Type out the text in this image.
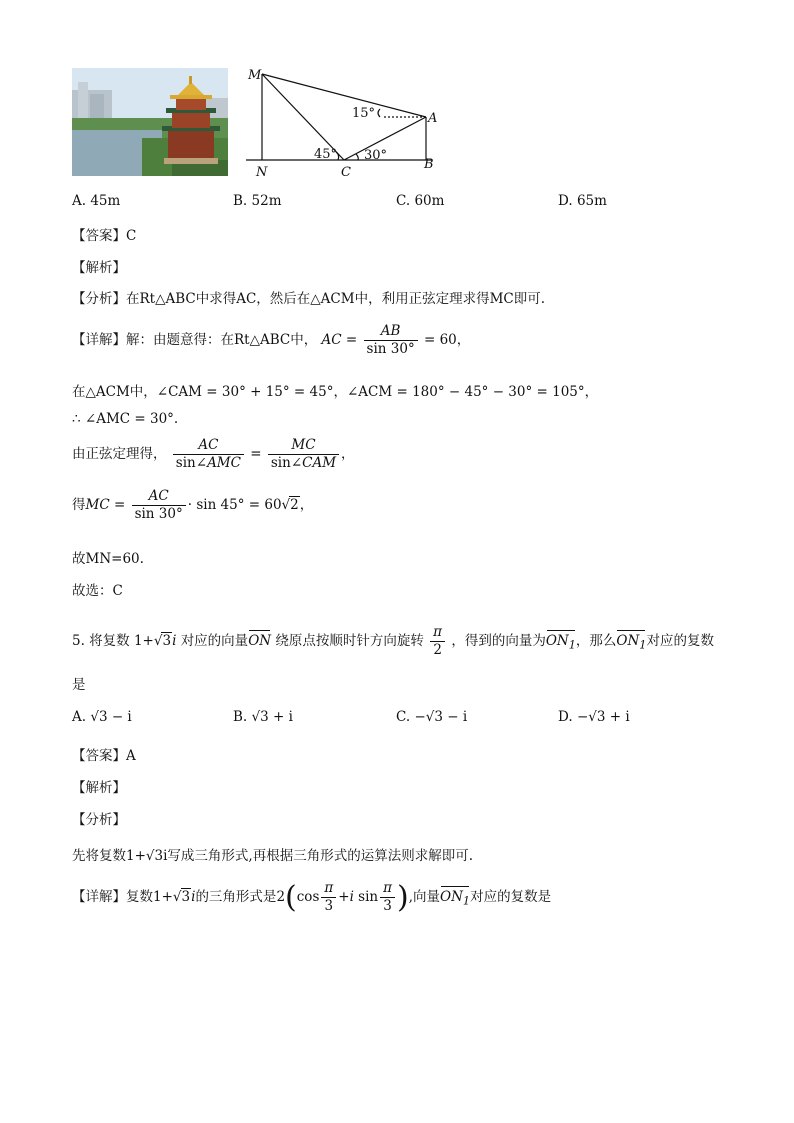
M
A
B
C
N
15°
45° 30°
A. 45m	B. 52m	C. 60m	D. 65m
【答案】C
【解析】
【分析】在Rt△ABC中求得AC，然后在△ACM中，利用正弦定理求得MC即可.
【详解】解：由题意得：在Rt△ABC中， AC = $\frac{AB}{\sin 30^\circ} = 60$，
在△ACM中，∠CAM = 30° + 15° = 45°，∠ACM = 180° − 45° − 30° = 105°，
∴ ∠AMC = 30°.
由正弦定理得， $\frac{AC}{\text{sin∠AMC}} = \frac{MC}{\text{sin∠CAM}}$ ，
得MC = $\frac{AC}{\sin 30^\circ} \cdot \sin 45^\circ = 60√2$，
故MN=60.
故选：C
5. 将复数 1+√3i 对应的向量ON 绕原点按顺时针方向旋转 $\frac{\pi}{2}$ ，得到的向量为$ON_1$，那么$ON_1$对应的复数
是
A. √3 − i	B. √3 + i	C. −√3 − i	D. −√3 + i
【答案】A
【解析】
【分析】
先将复数1+√3i写成三角形式,再根据三角形式的运算法则求解即可.
【详解】复数1+√3i的三角形式是$2(\cos \frac{\pi}{3} +i$ $\sin \frac{\pi}{3}$ ),向量$ON_1$对应的复数是
